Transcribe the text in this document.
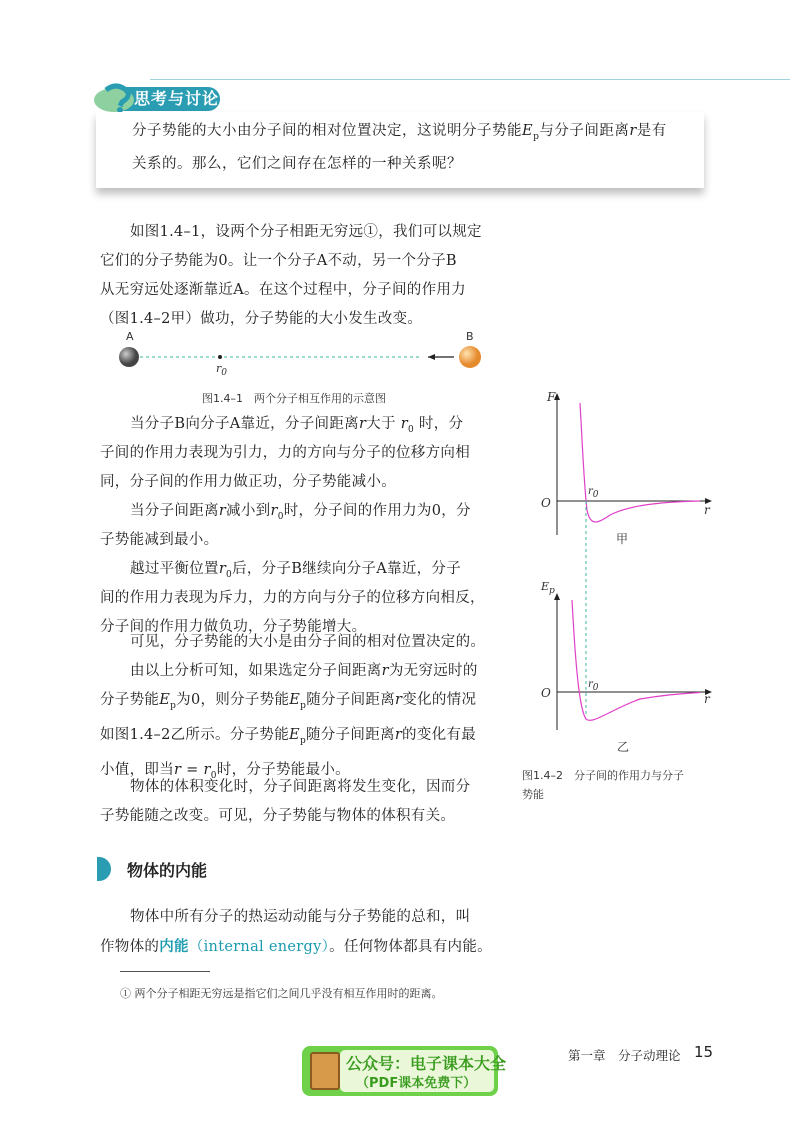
思考与讨论
分子势能的大小由分子间的相对位置决定，这说明分子势能$E_p$与分子间距离r是有
关系的。那么，它们之间存在怎样的一种关系呢？
如图1.4–1，设两个分子相距无穷远①，我们可以规定
它们的分子势能为0。让一个分子A不动，另一个分子B
从无穷远处逐渐靠近A。在这个过程中，分子间的作用力
（图1.4–2甲）做功，分子势能的大小发生改变。
A	B
$r_0$
图1.4–1　两个分子相互作用的示意图
当分子B向分子A靠近，分子间距离r大于 $r_0$ 时，分
子间的作用力表现为引力，力的方向与分子的位移方向相
同，分子间的作用力做正功，分子势能减小。
当分子间距离r减小到$r_0$时，分子间的作用力为0，分
子势能减到最小。
越过平衡位置$r_0$后，分子B继续向分子A靠近，分子
间的作用力表现为斥力，力的方向与分子的位移方向相反，
分子间的作用力做负功，分子势能增大。
可见，分子势能的大小是由分子间的相对位置决定的。
由以上分析可知，如果选定分子间距离r为无穷远时的
分子势能$E_p$为0，则分子势能$E_p$随分子间距离r变化的情况
如图1.4–2乙所示。分子势能$E_p$随分子间距离r的变化有最
小值，即当$r = r_0$时，分子势能最小。
物体的体积变化时，分子间距离将发生变化，因而分
子势能随之改变。可见，分子势能与物体的体积有关。
F
O	r
$r_0$
甲
$E_p$
O	r
$r_0$
乙
图1.4–2　分子间的作用力与分子
势能
物体的内能
物体中所有分子的热运动动能与分子势能的总和，叫
作物体的内能（internal energy）。任何物体都具有内能。
① 两个分子相距无穷远是指它们之间几乎没有相互作用时的距离。
第一章　分子动理论 15
公众号：电子课本大全
（PDF课本免费下）
